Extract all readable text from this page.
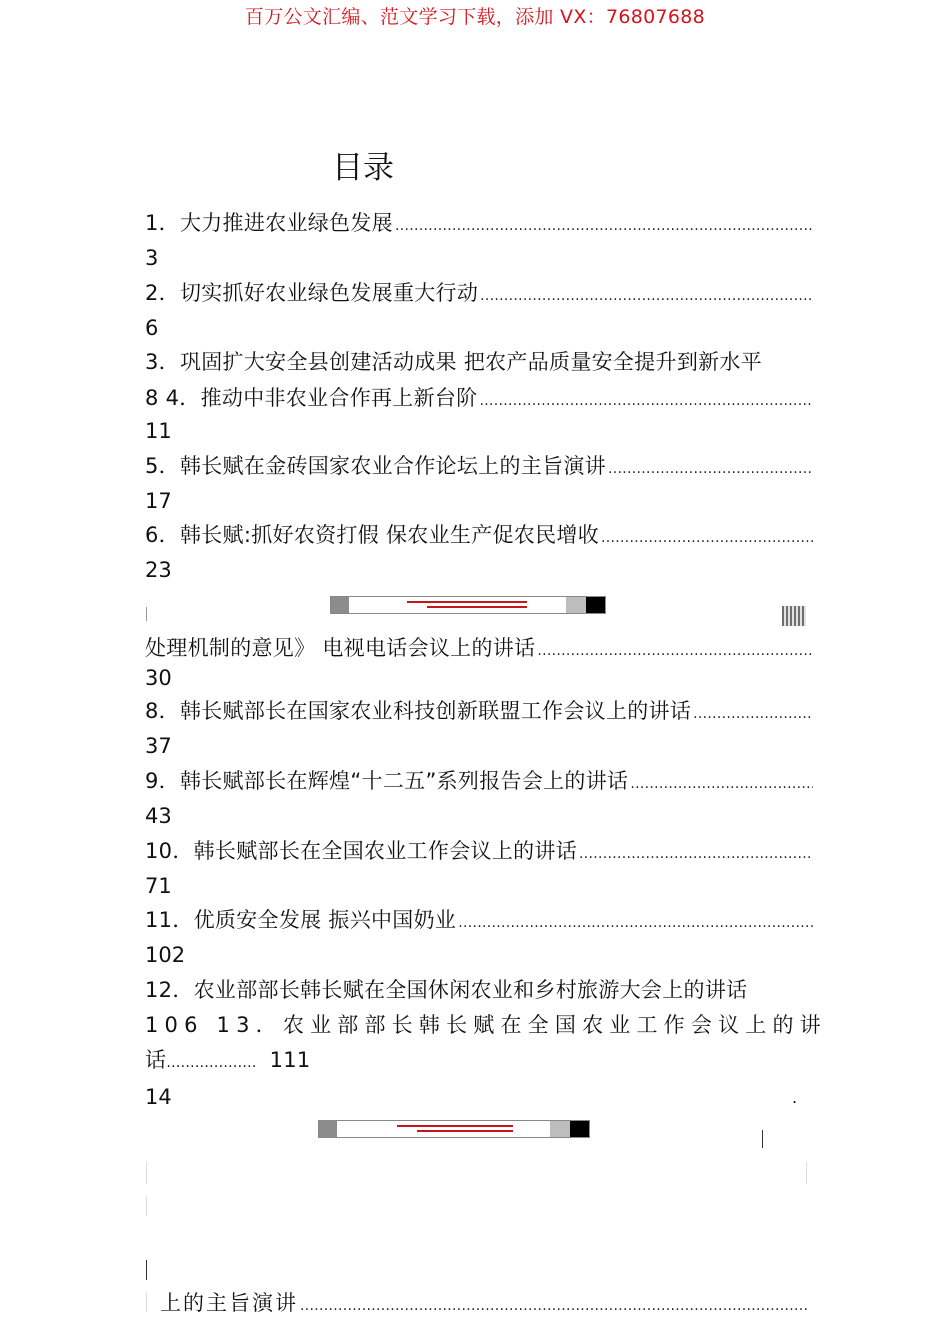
百万公文汇编、范文学习下载，添加 VX：76807688
目录
1．大力推进农业绿色发展
.....
3
2．切实抓好农业绿色发展重大行动
.....
6
3．巩固扩大安全县创建活动成果 把农产品质量安全提升到新水平
8 4．推动中非农业合作再上新台阶
.....
11
5．韩长赋在金砖国家农业合作论坛上的主旨演讲
.....
17
6．韩长赋:抓好农资打假 保农业生产促农民增收
.....
23
处理机制的意见》 电视电话会议上的讲话
.....
30
8．韩长赋部长在国家农业科技创新联盟工作会议上的讲话
.....
37
9．韩长赋部长在辉煌“十二五”系列报告会上的讲话
.....
43
10．韩长赋部长在全国农业工作会议上的讲话
.....
71
11．优质安全发展 振兴中国奶业
.....
102
12．农业部部长韩长赋在全国休闲农业和乡村旅游大会上的讲话
106 13．农业部部长韩长赋在全国农业工作会议上的讲
话................... 111
14	.
上的主旨演讲
.....
